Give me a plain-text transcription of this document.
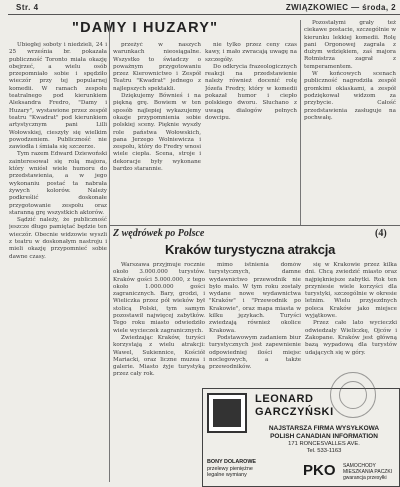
Str. 4	ZWIĄZKOWIEC — środa, 2
"DAMY I HUZARY"

Ubiegłej soboty i niedzieli, 24 i 25 września br. pokazała publiczność Toronto miała okazję obejrzeć, a wielu osób przepomniało sobie i spędziło wieczór przy tej popularnej komedii. W ramach zespołu teatralnego pod kierunkiem Aleksandra Fredro, "Damy i Huzary", wystawione przez zespół teatru "Kwadrat" pod kierunkiem artystycznym pani Lilli Wołowskiej, cieszyły się wielkim powodzeniem. Publiczność nie zawiodła i śmiała się szczerze.

Tym razem Edward Dziewoński zainteresował się rolą majora, który wniósł wiele humoru do przedstawienia, a w jego wykonaniu postać ta nabrała żywych kolorów. Należy podkreślić doskonałe przygotowanie zespołu oraz staranną grę wszystkich aktorów.

Sądzić należy, że publiczność jeszcze długo pamiętać będzie ten wieczór. Obecnie widzowie wyszli z teatru w doskonałym nastroju i mieli okazję przypomnieć sobie dawne czasy.

przeżyć w naszych warunkach nieosiągalne. Wszystko to świadczy o poważnym przygotowaniu przez Kierownictwo i Zespół Teatru "Kwadrat" jednego z najlepszych spektakli.

Dziękujemy Bównieś i na piękną grę. Bowiem w ten sposób najlepiej wykazujemy okazje przypomnienia sobie polskiej sceny. Pięknie wyszły role państwa Wołowskich, pana Jerzego Wolniewicza i zespołu, który do Fredry wnosi wiele ciepła. Scena, stroje i dekoracje były wykonane bardzo starannie.

nie tylko przez ceny czas kawy, i mało zwracają uwagę na szczegóły.

Do odkrycia frazeologicznych reakcji na przedstawienie należy również docenić rolę Józefa Fredry, który w komedii pokazał humor i ciepło polskiego dworu. Słuchano z uwagą dialogów pełnych dowcipu.

Pozostałymi grały też ciekawe postacie, szczególnie w kierunku lekkiej komedii. Rolę pani Orgonowej zagrała z dużym wdziękiem, zaś majora Rotmistrza zagrał z temperamentem.

W końcowych scenach publiczność nagrodziła zespół gromkimi oklaskami, a zespół podziękował widzom za przybycie. Całość przedstawienia zasługuje na pochwałę.

Z wędrówek po Polsce	(4)
Kraków turystyczna atrakcja

Warszawa przyjmuje rocznie około 3.000.000 turystów. Kraków gości 5.000.000, z tego około 1.000.000 gości zagranicznych. Bary, grodzi, i Wieliczka przez pół wieków był stolicą Polski, tym samym pozostawił najwięcej zabytków. Tego roku miasto odwiedziło wiele wycieczek zagranicznych.

Zwiedzając Kraków, turyści korzystają z wielu atrakcji: Wawel, Sukiennice, Kościół Mariacki, oraz liczne muzea i galerie. Miasto żyje turystyką przez cały rok.

mimo istnienia domów turystycznych, damne wydawnictwo przewodnik nie było mało. W tym roku zostały wydane nowe wydawnictwa "Kraków" i "Przewodnik po Krakowie", oraz mapa miasta w kilku językach. Turyści zwiedzają również okolice Krakowa.

Podstawowym zadaniem biur turystycznych jest zapewnienie odpowiedniej ilości miejsc noclegowych, a także przewodników.

się w Krakowie przez kilka dni. Chcą zwiedzić miasto oraz najpiękniejsze zabytki. Rok ten przyniesie wiele korzyści dla turystyki, szczególnie w okresie letnim. Wielu przyjezdnych poleca Kraków jako miejsce wyjątkowe.

Przez całe lato wycieczki odwiedzały Wieliczkę, Ojców i Zakopane. Kraków jest główną bazą wypadową dla turystów udających się w góry.

LEONARD
GARCZYŃSKI
NAJSTARSZA FIRMA WYSYŁKOWA
POLISH CANADIAN INFORMATION
171 RONCESVALLES AVE.
Tel. 533-1163
BONY DOLAROWE
przelewy pieniężne
legalne wymiany	PKO SAMOCHODY
MIESZKANIA PACZKI
gwarancja przesyłki
